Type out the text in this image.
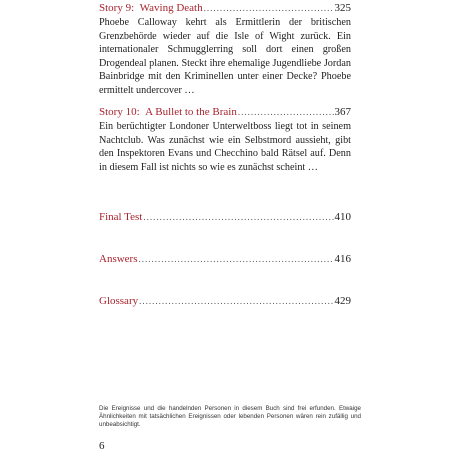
Story 9:
Waving Death .....	325
Phoebe Calloway kehrt als Ermittlerin der britischen Grenzbehörde wieder auf die Isle of Wight zurück. Ein internationaler Schmugglerring soll dort einen großen Drogendeal planen. Steckt ihre ehemalige Jugendliebe Jordan Bainbridge mit den Kriminellen unter einer Decke? Phoebe ermittelt undercover …
Story 10:
A Bullet to the Brain .....	367
Ein berüchtigter Londoner Unterweltboss liegt tot in seinem Nachtclub. Was zunächst wie ein Selbstmord aussieht, gibt den Inspektoren Evans und Checchino bald Rätsel auf. Denn in diesem Fall ist nichts so wie es zunächst scheint …
Final Test .....	410
Answers .....	416
Glossary .....	429
Die Ereignisse und die handelnden Personen in diesem Buch sind frei erfunden. Etwaige Ähnlichkeiten mit tatsächlichen Ereignissen oder lebenden Personen wären rein zufällig und unbeabsichtigt.
6
